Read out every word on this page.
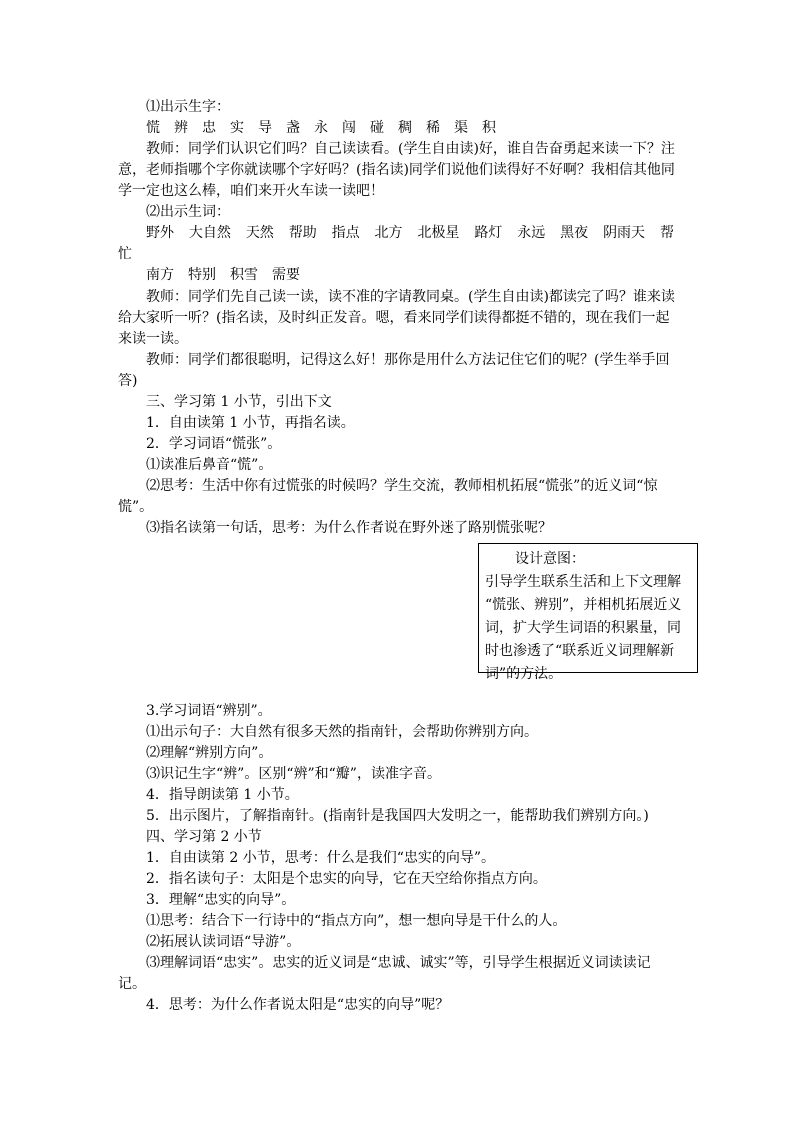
⑴出示生字：
慌 辨 忠 实 导 盏 永 闯 碰 稠 稀 渠 积
教师：同学们认识它们吗？自己读读看。(学生自由读)好，谁自告奋勇起来读一下？注
意，老师指哪个字你就读哪个字好吗？(指名读)同学们说他们读得好不好啊？我相信其他同
学一定也这么棒，咱们来开火车读一读吧！
⑵出示生词：
野外 大自然 天然 帮助 指点 北方 北极星 路灯 永远 黑夜 阴雨天 帮
忙
南方　特别　积雪　需要
教师：同学们先自己读一读，读不准的字请教同桌。(学生自由读)都读完了吗？谁来读
给大家听一听？(指名读，及时纠正发音。嗯，看来同学们读得都挺不错的，现在我们一起
来读一读。
教师：同学们都很聪明，记得这么好！那你是用什么方法记住它们的呢？(学生举手回
答)
三、学习第 1 小节，引出下文
1．自由读第 1 小节，再指名读。
2．学习词语“慌张”。
⑴读准后鼻音“慌”。
⑵思考：生活中你有过慌张的时候吗？学生交流，教师相机拓展“慌张”的近义词“惊
慌”。
⑶指名读第一句话，思考：为什么作者说在野外迷了路别慌张呢？
设计意图：
引导学生联系生活和上下文理解
“慌张、辨别”，并相机拓展近义
词，扩大学生词语的积累量，同
时也渗透了“联系近义词理解新
词”的方法。
3.学习词语“辨别”。
⑴出示句子：大自然有很多天然的指南针，会帮助你辨别方向。
⑵理解“辨别方向”。
⑶识记生字“辨”。区别“辨”和“瓣”，读准字音。
4．指导朗读第 1 小节。
5．出示图片，了解指南针。(指南针是我国四大发明之一，能帮助我们辨别方向。)
四、学习第 2 小节
1．自由读第 2 小节，思考：什么是我们“忠实的向导”。
2．指名读句子：太阳是个忠实的向导，它在天空给你指点方向。
3．理解“忠实的向导”。
⑴思考：结合下一行诗中的“指点方向”，想一想向导是干什么的人。
⑵拓展认读词语“导游”。
⑶理解词语“忠实”。忠实的近义词是“忠诚、诚实”等，引导学生根据近义词读读记
记。
4．思考：为什么作者说太阳是“忠实的向导”呢？
